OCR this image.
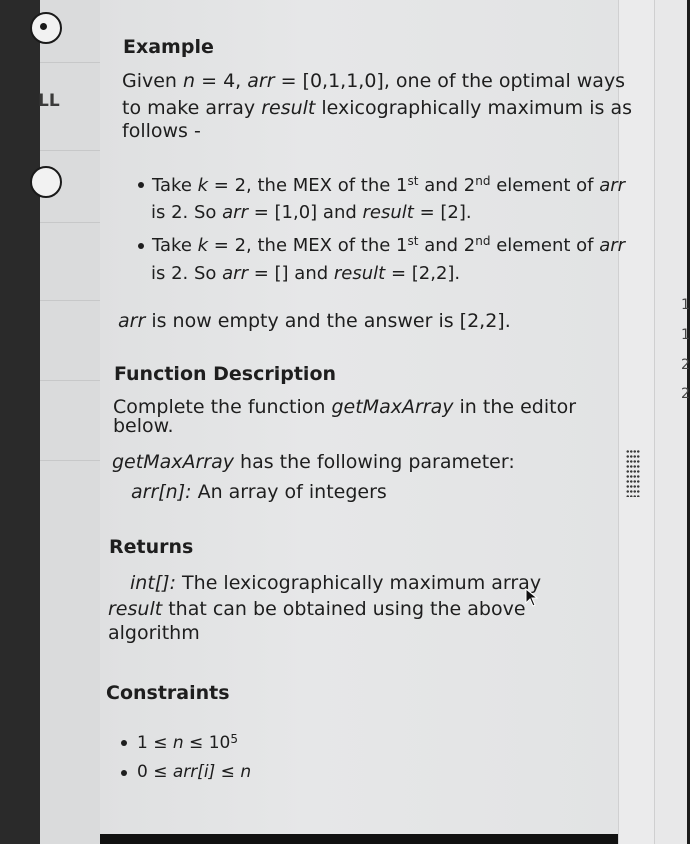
LL
1
1
2
2
Example
Given n = 4, arr = [0,1,1,0], one of the optimal ways
to make array result lexicographically maximum is as
follows -
Take k = 2, the MEX of the 1st and 2nd element of arr
is 2. So arr = [1,0] and result = [2].
Take k = 2, the MEX of the 1st and 2nd element of arr
is 2. So arr = [] and result = [2,2].
arr is now empty and the answer is [2,2].
Function Description
Complete the function getMaxArray in the editor
below.
getMaxArray has the following parameter:
arr[n]: An array of integers
Returns
int[]: The lexicographically maximum array
result that can be obtained using the above
algorithm
Constraints
$1 \le n \le 10^5$
0 ≤ arr[i] ≤ n
